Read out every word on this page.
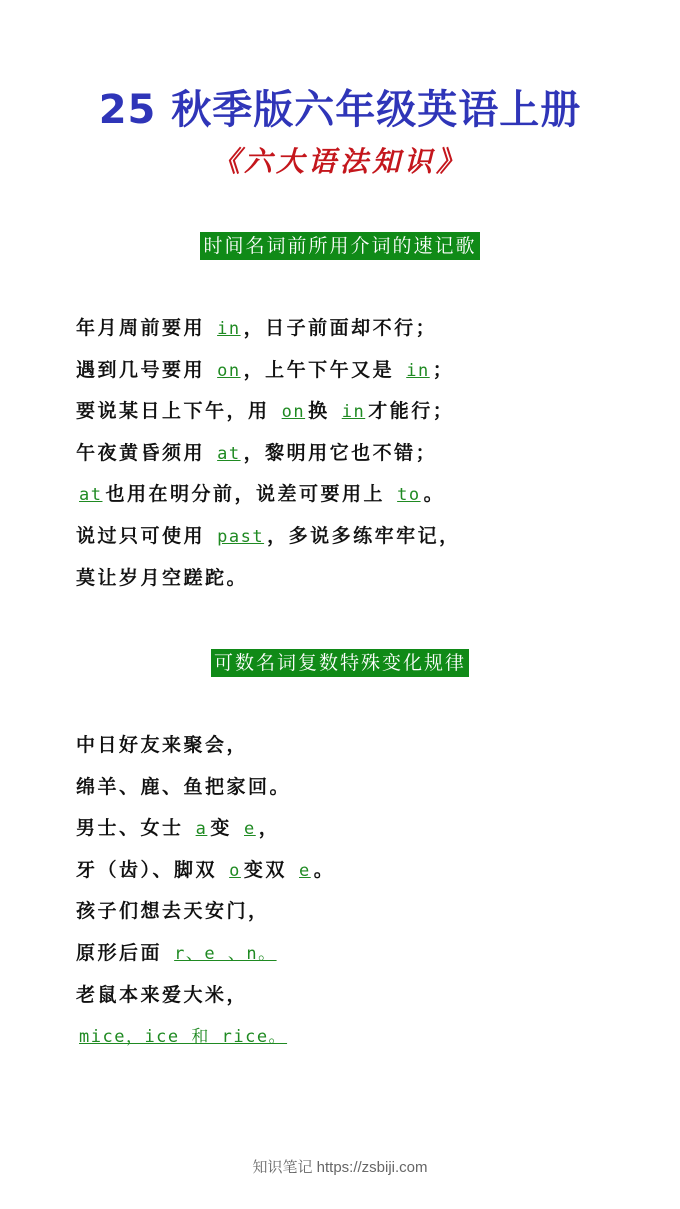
25 秋季版六年级英语上册
《六大语法知识》
时间名词前所用介词的速记歌
年月周前要用 in ，日子前面却不行；
遇到几号要用 on ，上午下午又是 in ；
要说某日上下午，用 on 换 in 才能行；
午夜黄昏须用 at ，黎明用它也不错；
at 也用在明分前，说差可要用上 to 。
说过只可使用 past ，多说多练牢牢记，
莫让岁月空蹉跎。
可数名词复数特殊变化规律
中日好友来聚会，
绵羊、鹿、鱼把家回。
男士、女士 a 变 e ，
牙（齿）、脚双 o 变双 e 。
孩子们想去天安门，
原形后面 r、e 、n。
老鼠本来爱大米，
mice，ice 和 rice。
知识笔记 https://zsbiji.com
